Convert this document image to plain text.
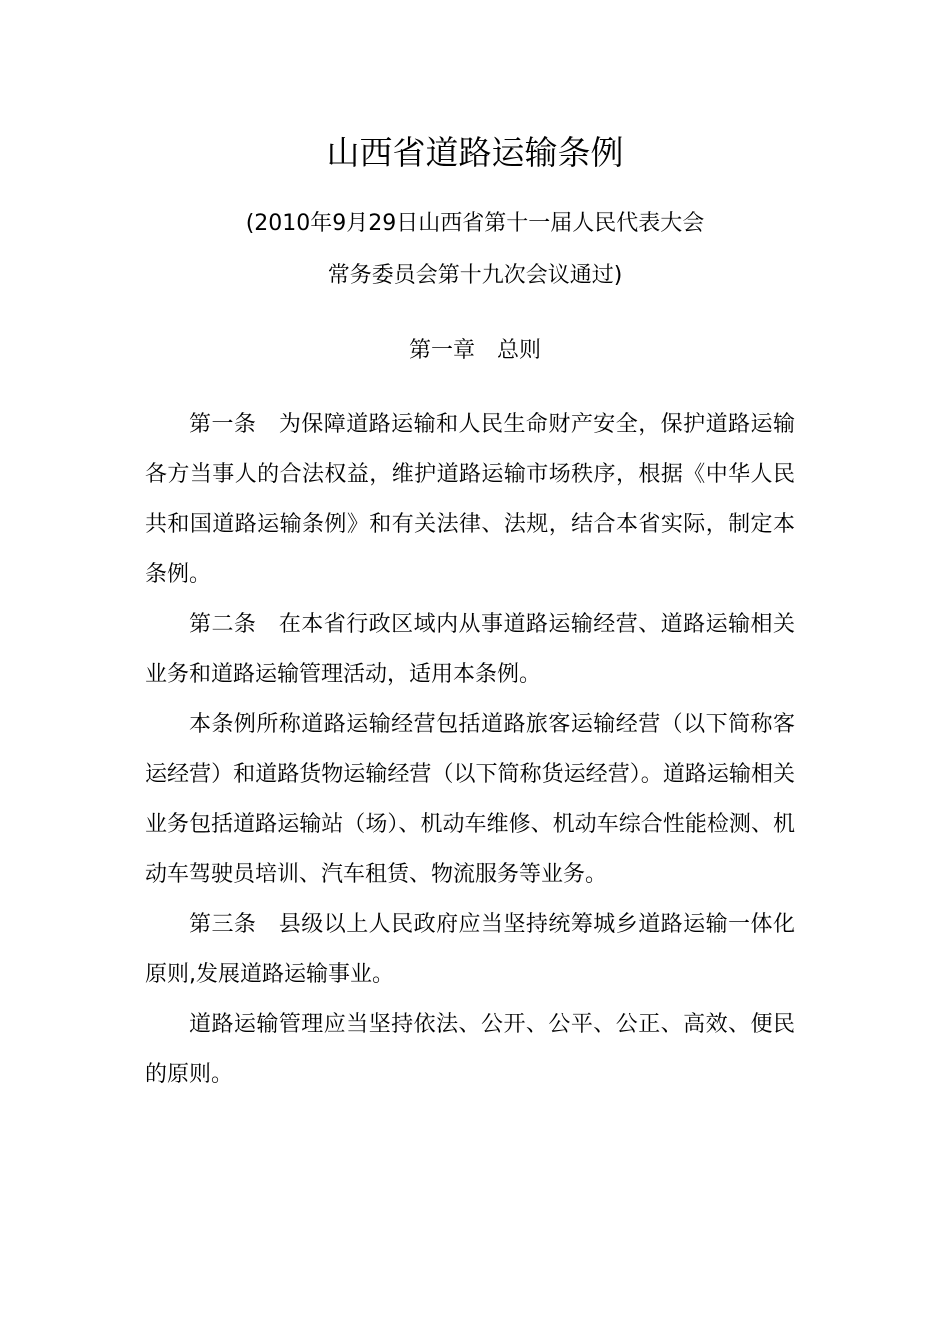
山西省道路运输条例

(2010年9月29日山西省第十一届人民代表大会

常务委员会第十九次会议通过)

第一章　总则

第一条　为保障道路运输和人民生命财产安全，保护道路运输各方当事人的合法权益，维护道路运输市场秩序，根据《中华人民共和国道路运输条例》和有关法律、法规，结合本省实际，制定本条例。

第二条　在本省行政区域内从事道路运输经营、道路运输相关业务和道路运输管理活动，适用本条例。

本条例所称道路运输经营包括道路旅客运输经营（以下简称客运经营）和道路货物运输经营（以下简称货运经营）。道路运输相关业务包括道路运输站（场）、机动车维修、机动车综合性能检测、机动车驾驶员培训、汽车租赁、物流服务等业务。

第三条　县级以上人民政府应当坚持统筹城乡道路运输一体化原则,发展道路运输事业。

道路运输管理应当坚持依法、公开、公平、公正、高效、便民的原则。
